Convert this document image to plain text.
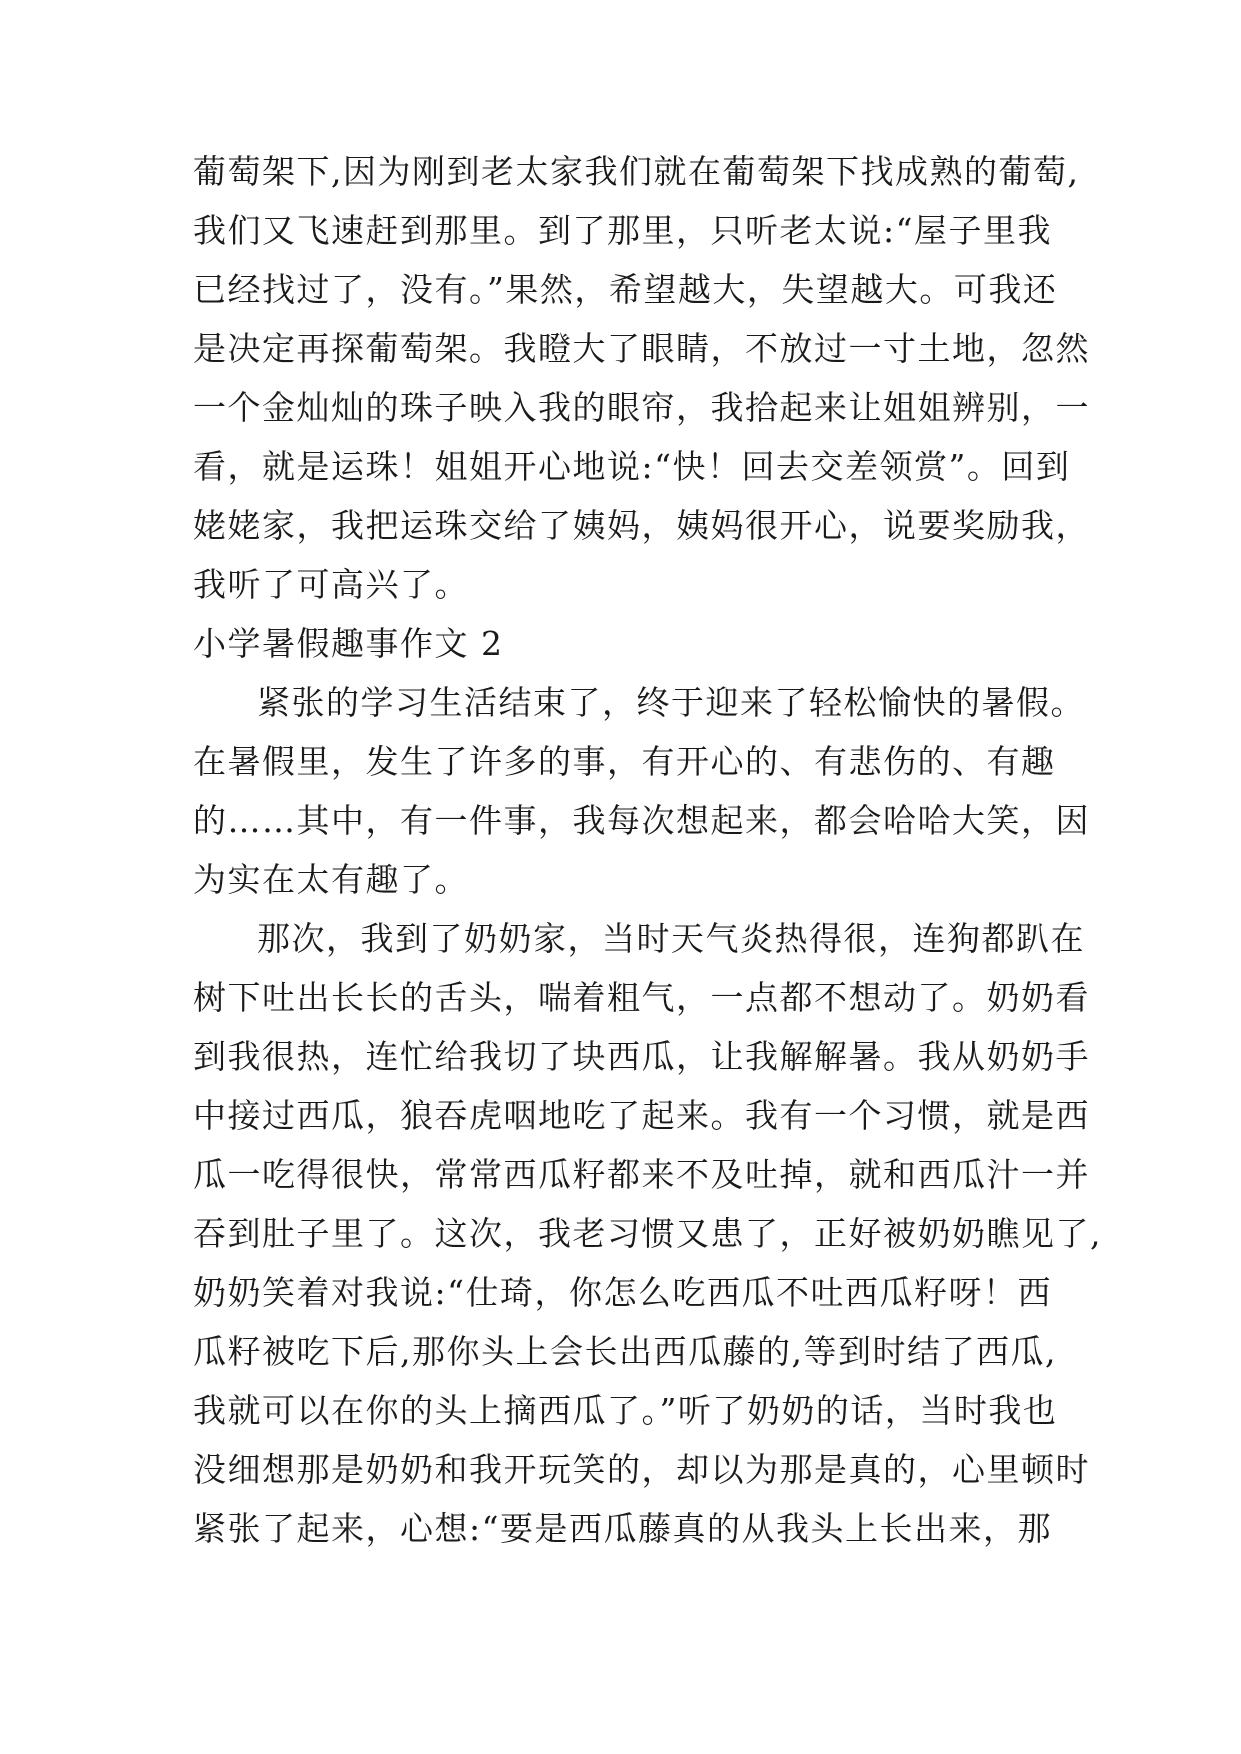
葡萄架下,因为刚到老太家我们就在葡萄架下找成熟的葡萄,
我们又飞速赶到那里。到了那里，只听老太说:“屋子里我
已经找过了，没有。”果然，希望越大，失望越大。可我还
是决定再探葡萄架。我瞪大了眼睛，不放过一寸土地，忽然
一个金灿灿的珠子映入我的眼帘，我拾起来让姐姐辨别，一
看，就是运珠！姐姐开心地说:“快！回去交差领赏”。回到
姥姥家，我把运珠交给了姨妈，姨妈很开心，说要奖励我，
我听了可高兴了。
小学暑假趣事作文 2
紧张的学习生活结束了，终于迎来了轻松愉快的暑假。
在暑假里，发生了许多的事，有开心的、有悲伤的、有趣
的……其中，有一件事，我每次想起来，都会哈哈大笑，因
为实在太有趣了。
那次，我到了奶奶家，当时天气炎热得很，连狗都趴在
树下吐出长长的舌头，喘着粗气，一点都不想动了。奶奶看
到我很热，连忙给我切了块西瓜，让我解解暑。我从奶奶手
中接过西瓜，狼吞虎咽地吃了起来。我有一个习惯，就是西
瓜一吃得很快，常常西瓜籽都来不及吐掉，就和西瓜汁一并
吞到肚子里了。这次，我老习惯又患了，正好被奶奶瞧见了,
奶奶笑着对我说:“仕琦，你怎么吃西瓜不吐西瓜籽呀！西
瓜籽被吃下后,那你头上会长出西瓜藤的,等到时结了西瓜,
我就可以在你的头上摘西瓜了。”听了奶奶的话，当时我也
没细想那是奶奶和我开玩笑的，却以为那是真的，心里顿时
紧张了起来，心想:“要是西瓜藤真的从我头上长出来，那
